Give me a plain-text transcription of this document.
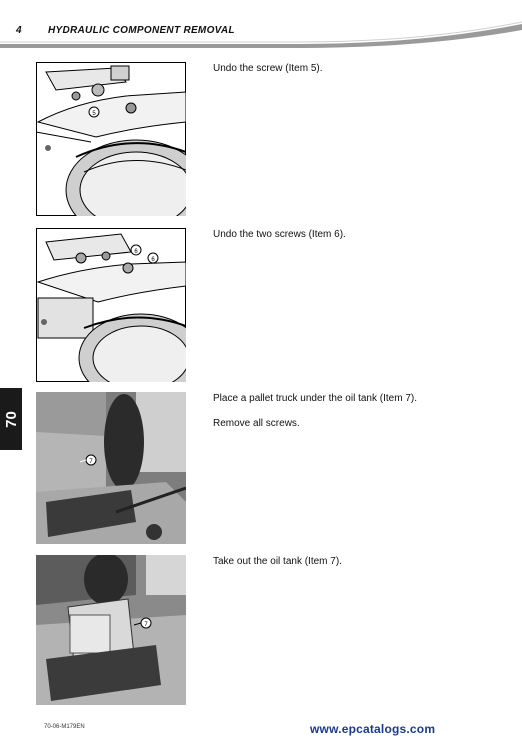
4	HYDRAULIC COMPONENT REMOVAL
70
5

Undo the screw (Item 5).

6
6

Undo the two screws (Item 6).

7

Place a pallet truck under the oil tank (Item 7).

Remove all screws.

7

Take out the oil tank (Item 7).

70-06-M179EN	www.epcatalogs.com
